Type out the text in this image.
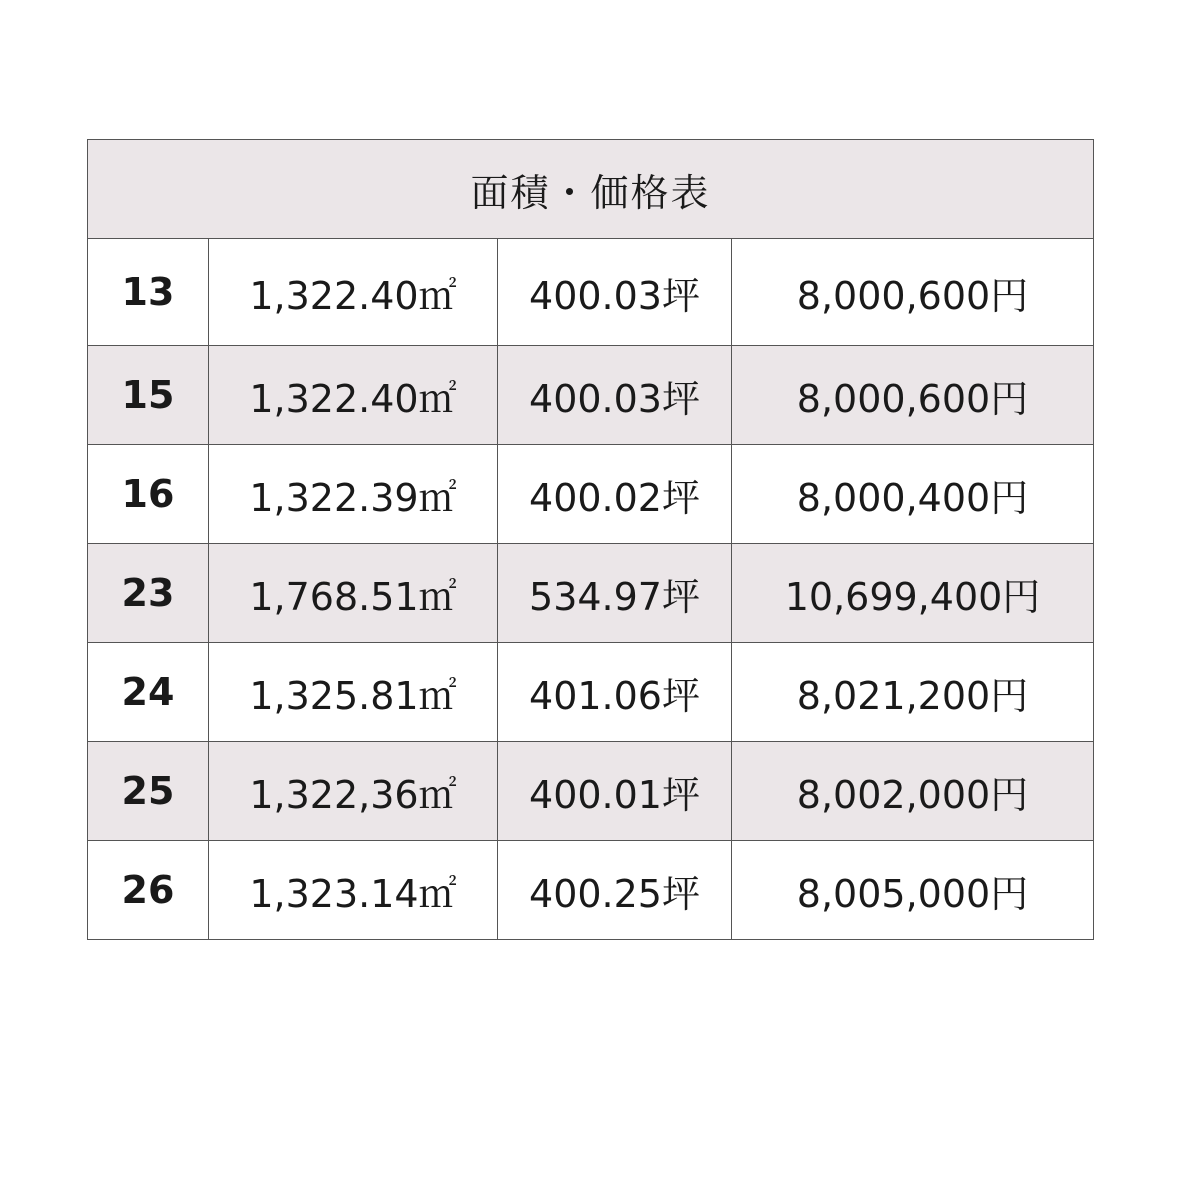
面積・価格表			
13	1,322.40㎡	400.03坪	8,000,600円
15	1,322.40㎡	400.03坪	8,000,600円
16	1,322.39㎡	400.02坪	8,000,400円
23	1,768.51㎡	534.97坪	10,699,400円
24	1,325.81㎡	401.06坪	8,021,200円
25	1,322,36㎡	400.01坪	8,002,000円
26	1,323.14㎡	400.25坪	8,005,000円
